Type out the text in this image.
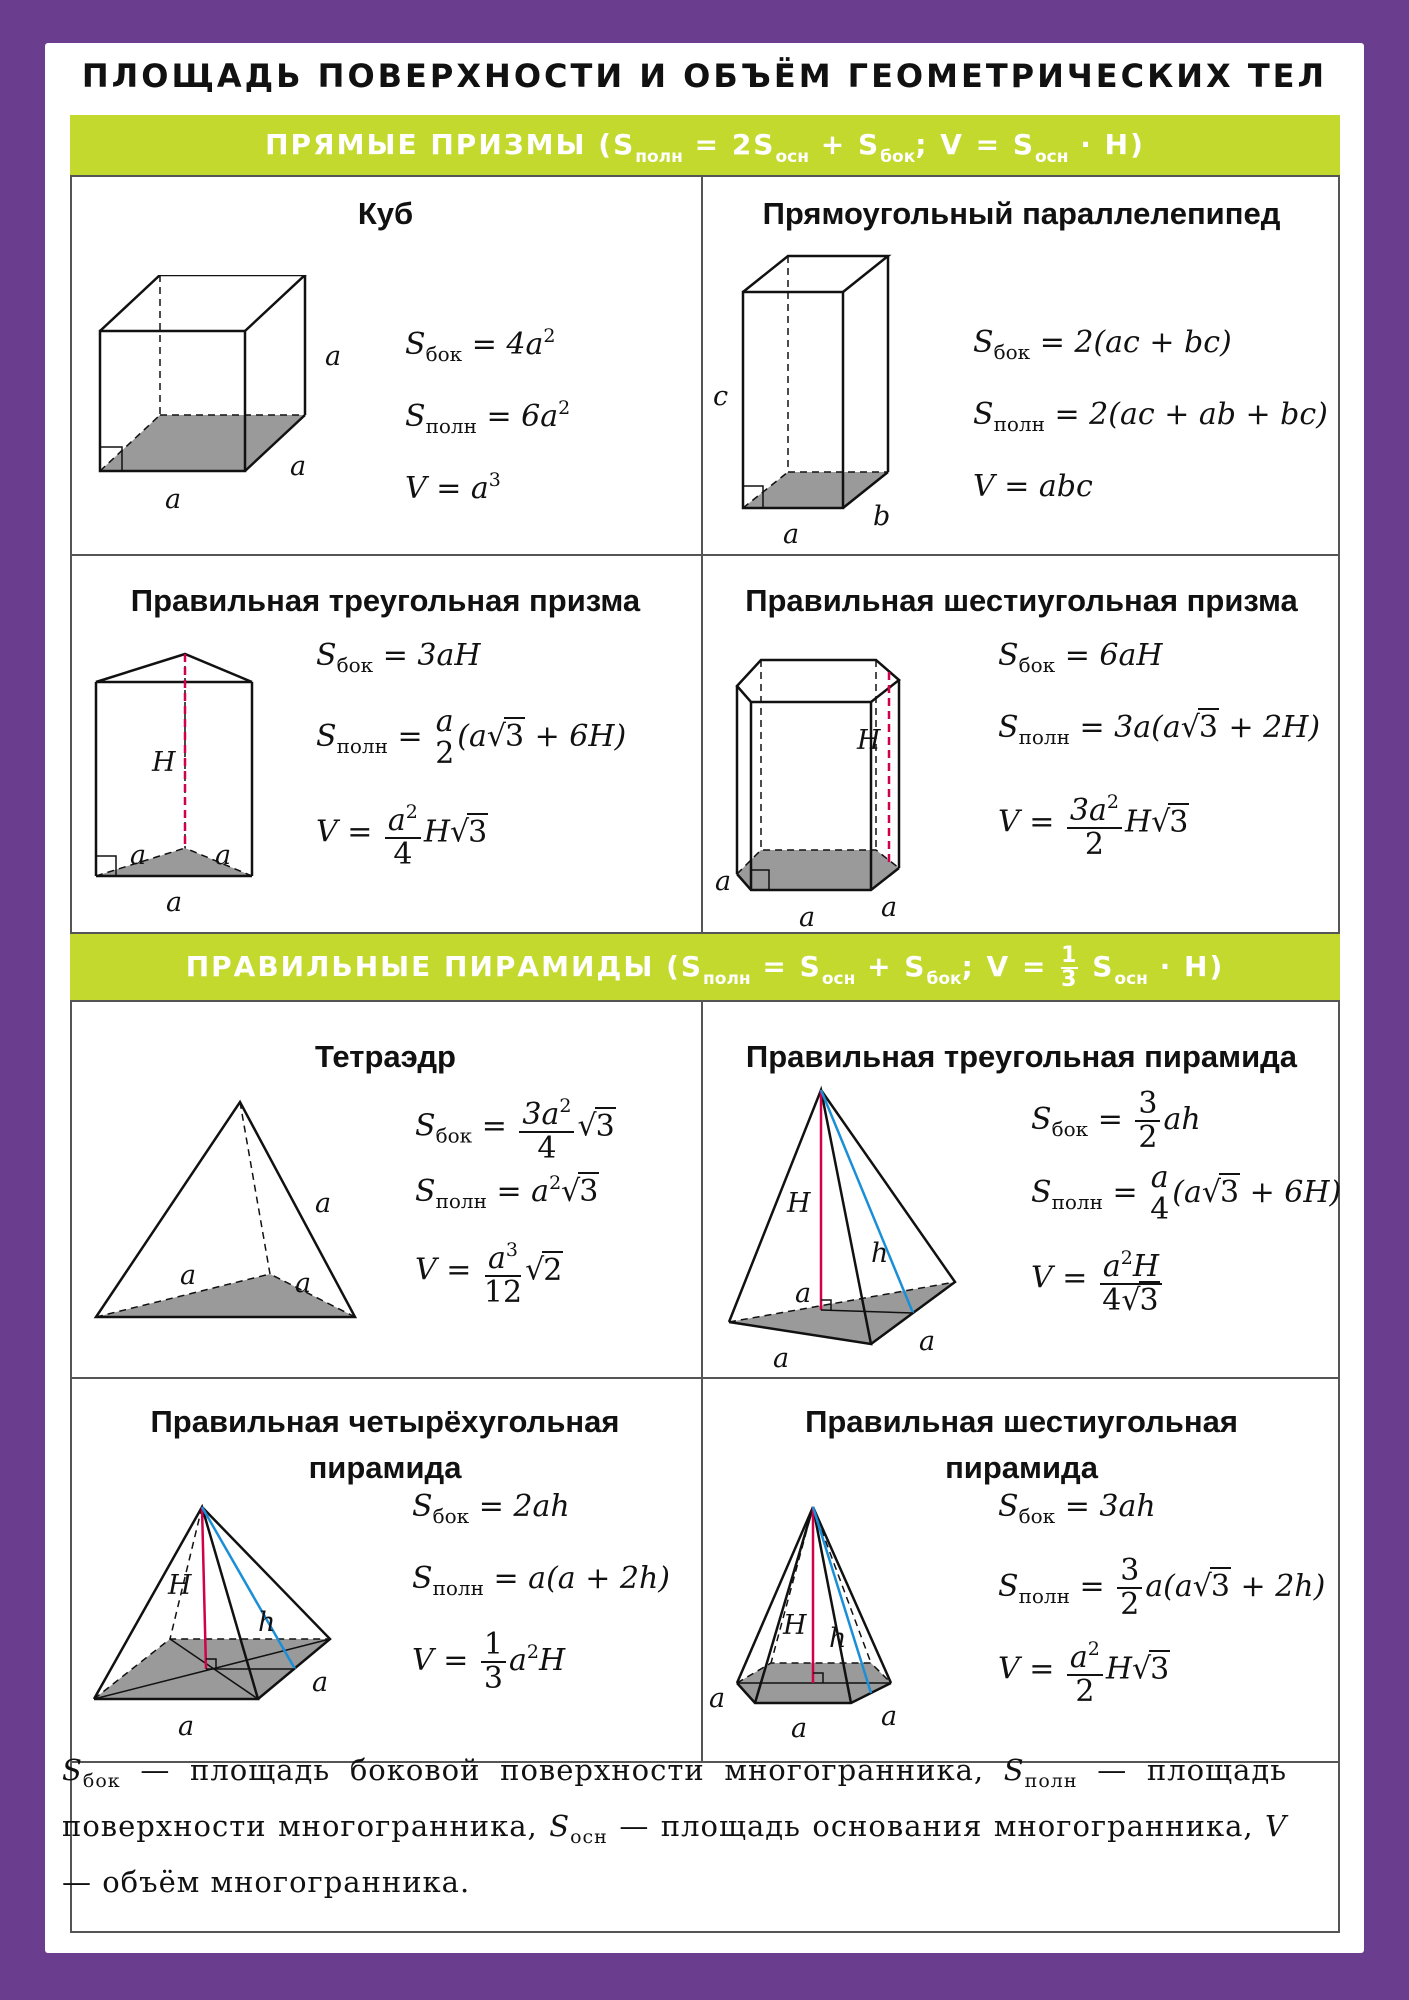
ПЛОЩАДЬ ПОВЕРХНОСТИ И ОБЪЁМ ГЕОМЕТРИЧЕСКИХ ТЕЛ
ПРЯМЫЕ ПРИЗМЫ ($S_{полн} = 2S_{осн} + S_{бок}$; $V = S_{осн} \cdot H$)
ПРАВИЛЬНЫЕ ПИРАМИДЫ ($S_{полн} = S_{осн} + S_{бок}$; $V = \frac{1}{3} S_{осн} \cdot H$)
Куб
a
a
a
$S_{бок} = 4a^2$
$S_{полн} = 6a^2$
$V = a^3$
Прямоугольный параллелепипед
c
a
b
$S_{бок} = 2(ac + bc)$
$S_{полн} = 2(ac$ + ab + bc)
V = abc
Правильная треугольная призма
H
a	a
a
$S_{бок} = 3aH$
$S_{полн} = a$
2 (a√3 + 6H)
$V = \frac{a^2}{4} H√3$
Правильная шестиугольная призма
H
a
a a
$S_{бок} = 6aH$
$S_{полн} = 3a(a√3 + 2H)$
$V = \frac{3a^2}{2} H√3$
Тетраэдр
a
a	a
$S_{бок} = \frac{3a^2}{4} √3$
$S_{полн} = a^2√3$
$V = \frac{a^3}{12} √2$
Правильная треугольная пирамида
H
h
a
a
a
$S_{бок} = \frac{3}{2}$ ah
$S_{полн} = a$
4 (a√3 + 6H)
$V = \frac{a^2H}{4√3}$
Правильная четырёхугольная пирамида
H
h
a
a
$S_{бок} = 2ah$
$S_{полн} = a(a + 2h)$
$V = \frac{1}{3} a^2H$
Правильная шестиугольная пирамида
H h
a
a	a
$S_{бок} = 3ah$
$S_{полн} = \frac{3}{2} a(a√3 + 2h)$
$V = \frac{a^2}{2} H√3$
$S_{бок}$ — площадь боковой поверхности многогранника, $S_{полн}$ — площадь поверхности многогранника, $S_{осн}$ — площадь основания многогранника, V — объём многогранника.
